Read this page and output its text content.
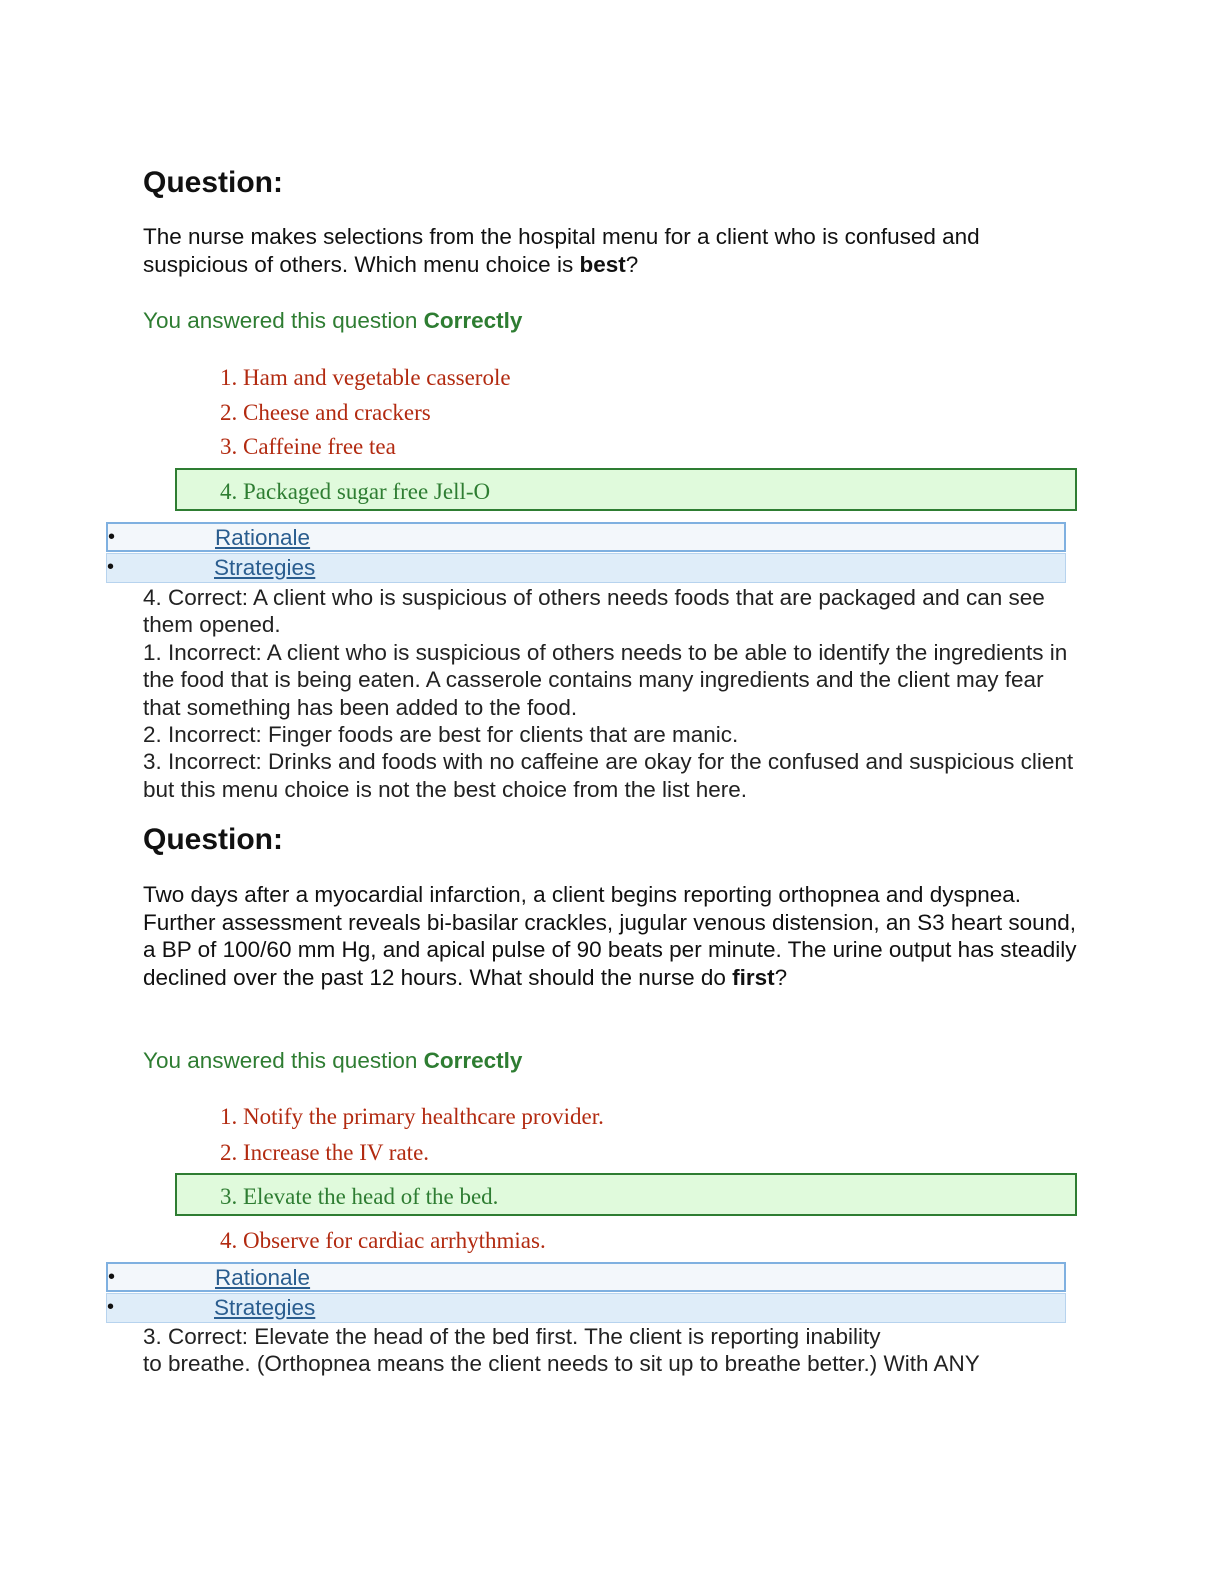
Question:

The nurse makes selections from the hospital menu for a client who is confused and suspicious of others. Which menu choice is best?

You answered this question Correctly

1. Ham and vegetable casserole

2. Cheese and crackers

3. Caffeine free tea

4. Packaged sugar free Jell-O

•	Rationale
•	Strategies
4. Correct: A client who is suspicious of others needs foods that are packaged and can see them opened.
1. Incorrect: A client who is suspicious of others needs to be able to identify the ingredients in the food that is being eaten. A casserole contains many ingredients and the client may fear that something has been added to the food.
2. Incorrect: Finger foods are best for clients that are manic.
3. Incorrect: Drinks and foods with no caffeine are okay for the confused and suspicious client but this menu choice is not the best choice from the list here.
Question:

Two days after a myocardial infarction, a client begins reporting orthopnea and dyspnea. Further assessment reveals bi-basilar crackles, jugular venous distension, an S3 heart sound, a BP of 100/60 mm Hg, and apical pulse of 90 beats per minute. The urine output has steadily declined over the past 12 hours. What should the nurse do first?

You answered this question Correctly

1. Notify the primary healthcare provider.

2. Increase the IV rate.

3. Elevate the head of the bed.

4. Observe for cardiac arrhythmias.

•	Rationale
•	Strategies
3. Correct: Elevate the head of the bed first. The client is reporting inability
to breathe. (Orthopnea means the client needs to sit up to breathe better.) With ANY
